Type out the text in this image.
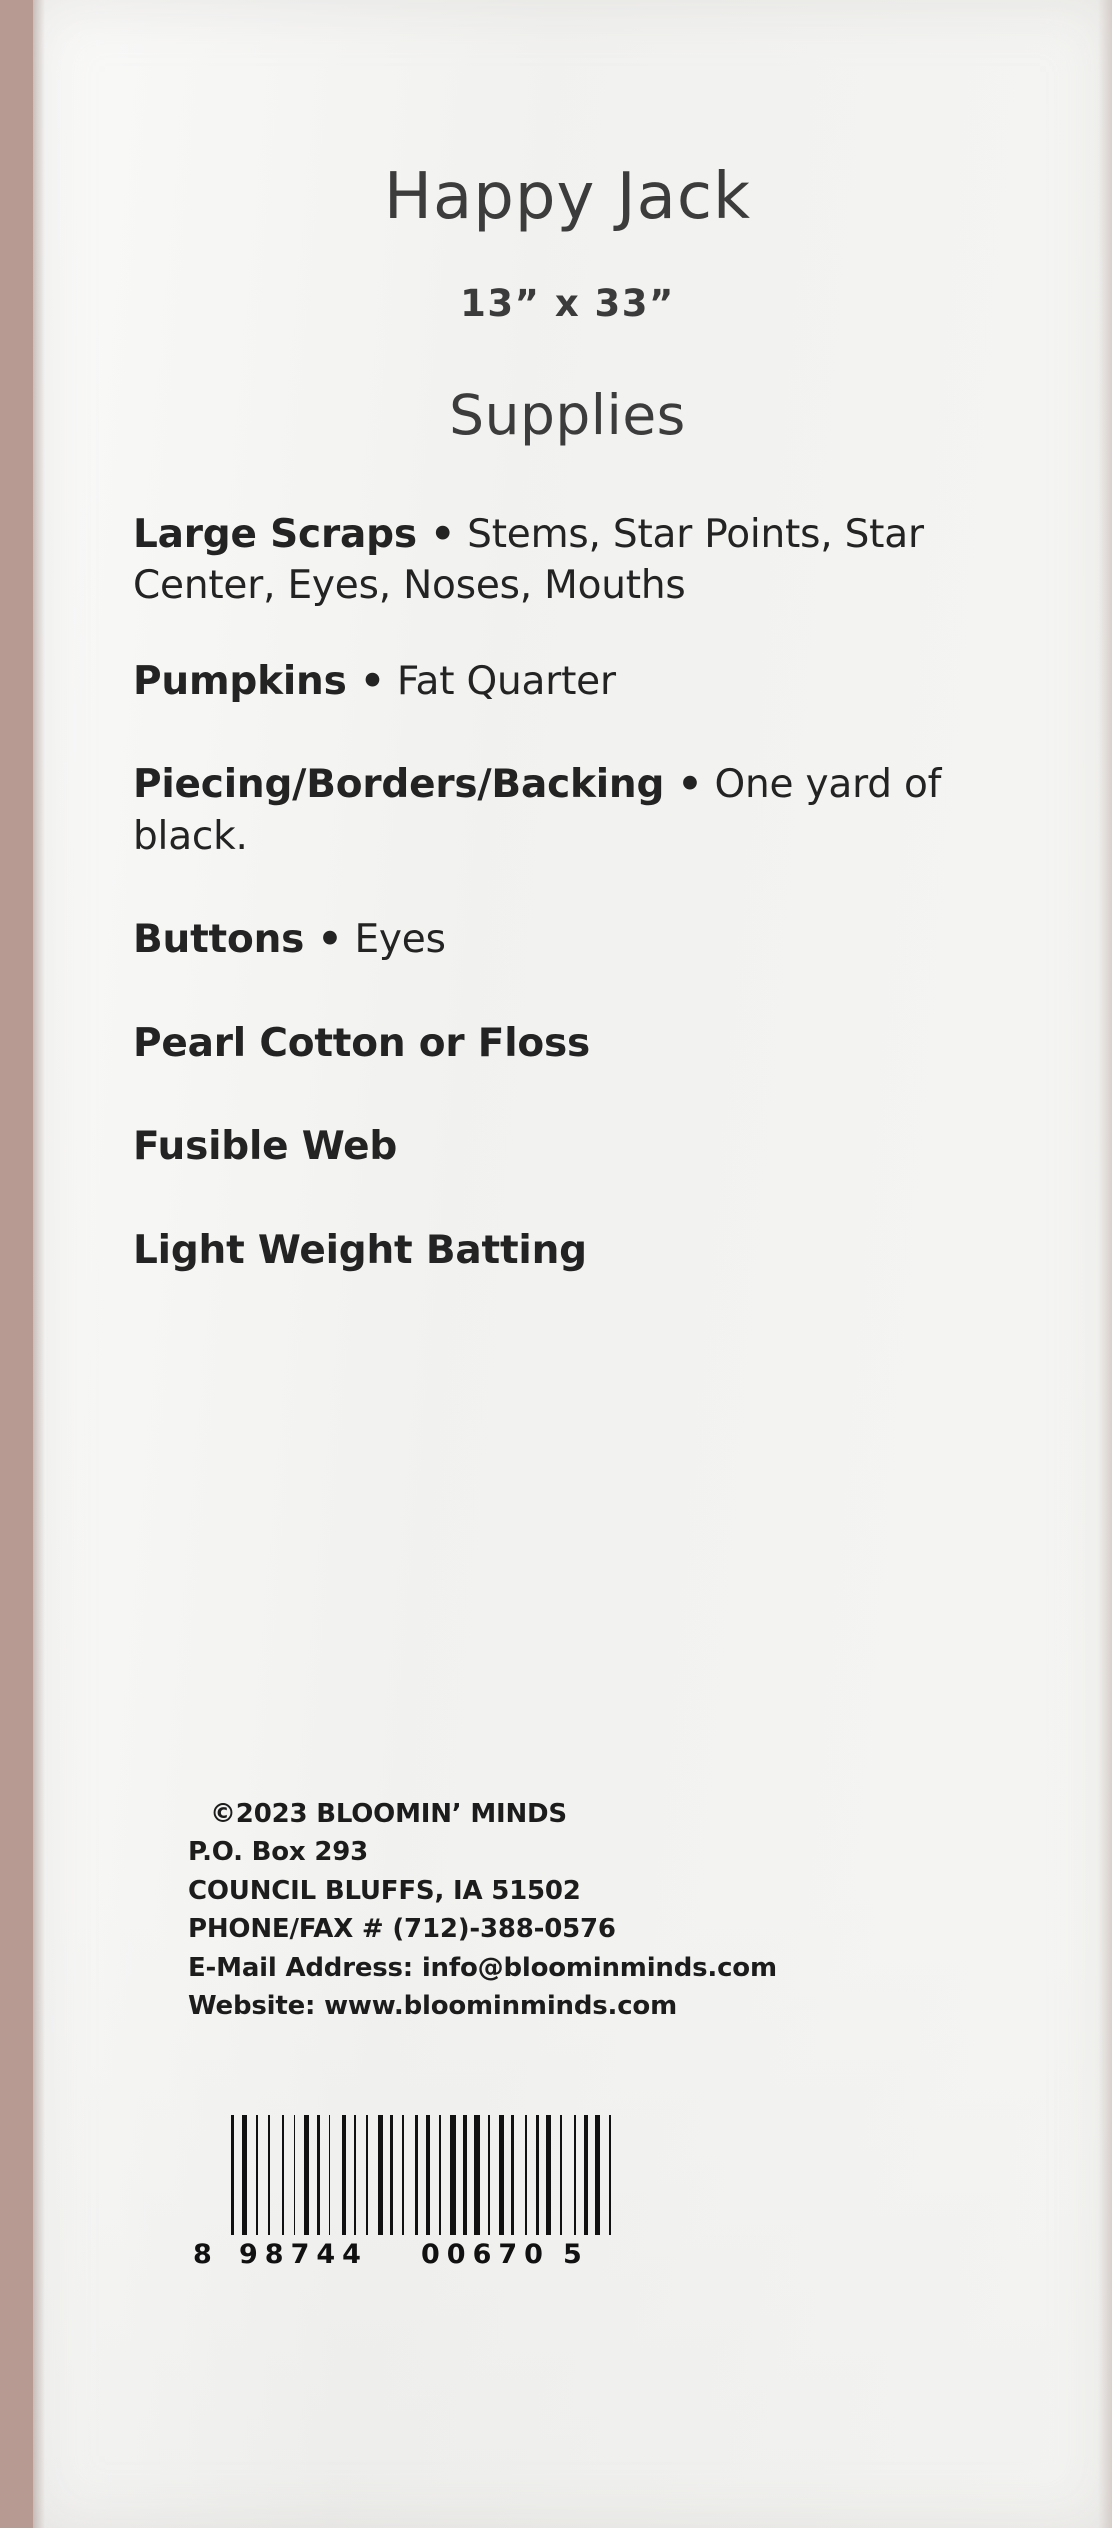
Happy Jack
13” x 33”
Supplies
Large Scraps • Stems, Star Points, Star Center, Eyes, Noses, Mouths
Pumpkins • Fat Quarter
Piecing/Borders/Backing • One yard of black.
Buttons • Eyes
Pearl Cotton or Floss
Fusible Web
Light Weight Batting
©2023 BLOOMIN’ MINDS
P.O. Box 293
COUNCIL BLUFFS, IA 51502
PHONE/FAX # (712)-388-0576
E-Mail Address: info@bloominminds.com
Website: www.bloominminds.com
8 98744 00670 5
